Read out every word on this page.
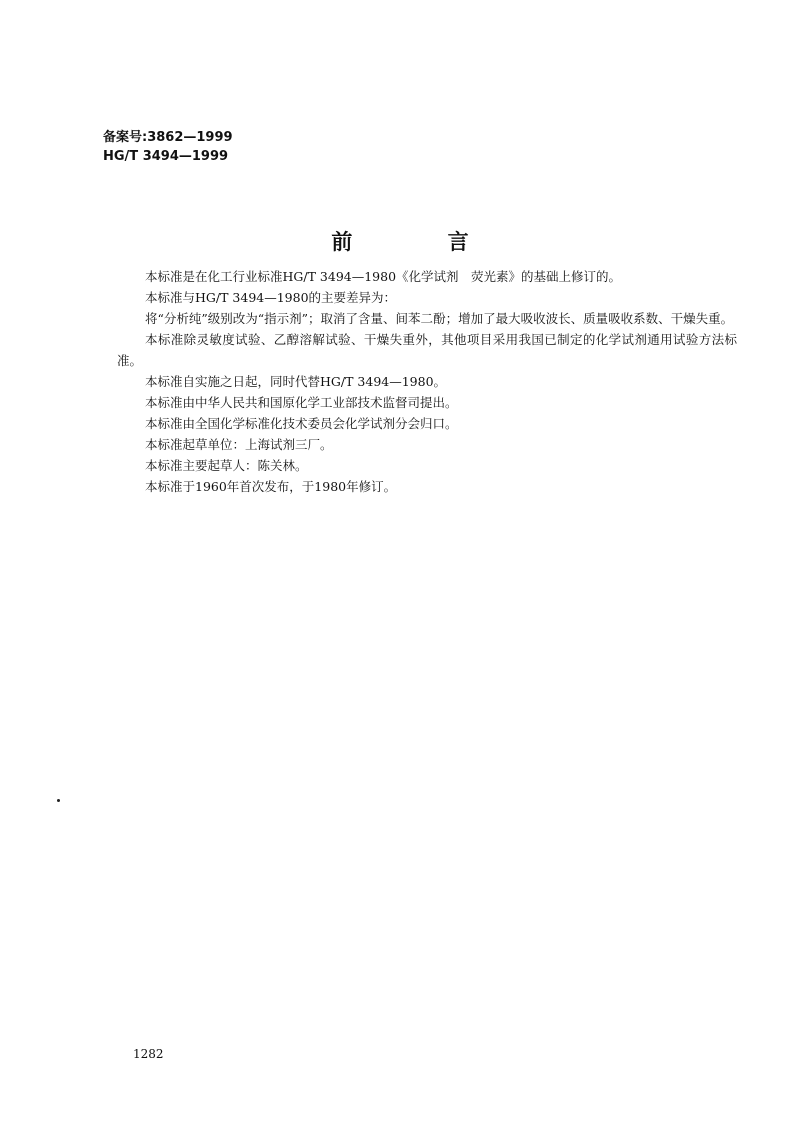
备案号:3862—1999
HG/T 3494—1999
前 言

本标准是在化工行业标准HG/T 3494—1980《化学试剂　荧光素》的基础上修订的。

本标准与HG/T 3494—1980的主要差异为：

将“分析纯”级别改为“指示剂”；取消了含量、间苯二酚；增加了最大吸收波长、质量吸收系数、干燥失重。

本标准除灵敏度试验、乙醇溶解试验、干燥失重外，其他项目采用我国已制定的化学试剂通用试验方法标准。

本标准自实施之日起，同时代替HG/T 3494—1980。

本标准由中华人民共和国原化学工业部技术监督司提出。

本标准由全国化学标准化技术委员会化学试剂分会归口。

本标准起草单位：上海试剂三厂。

本标准主要起草人：陈关林。

本标准于1960年首次发布，于1980年修订。

1282
